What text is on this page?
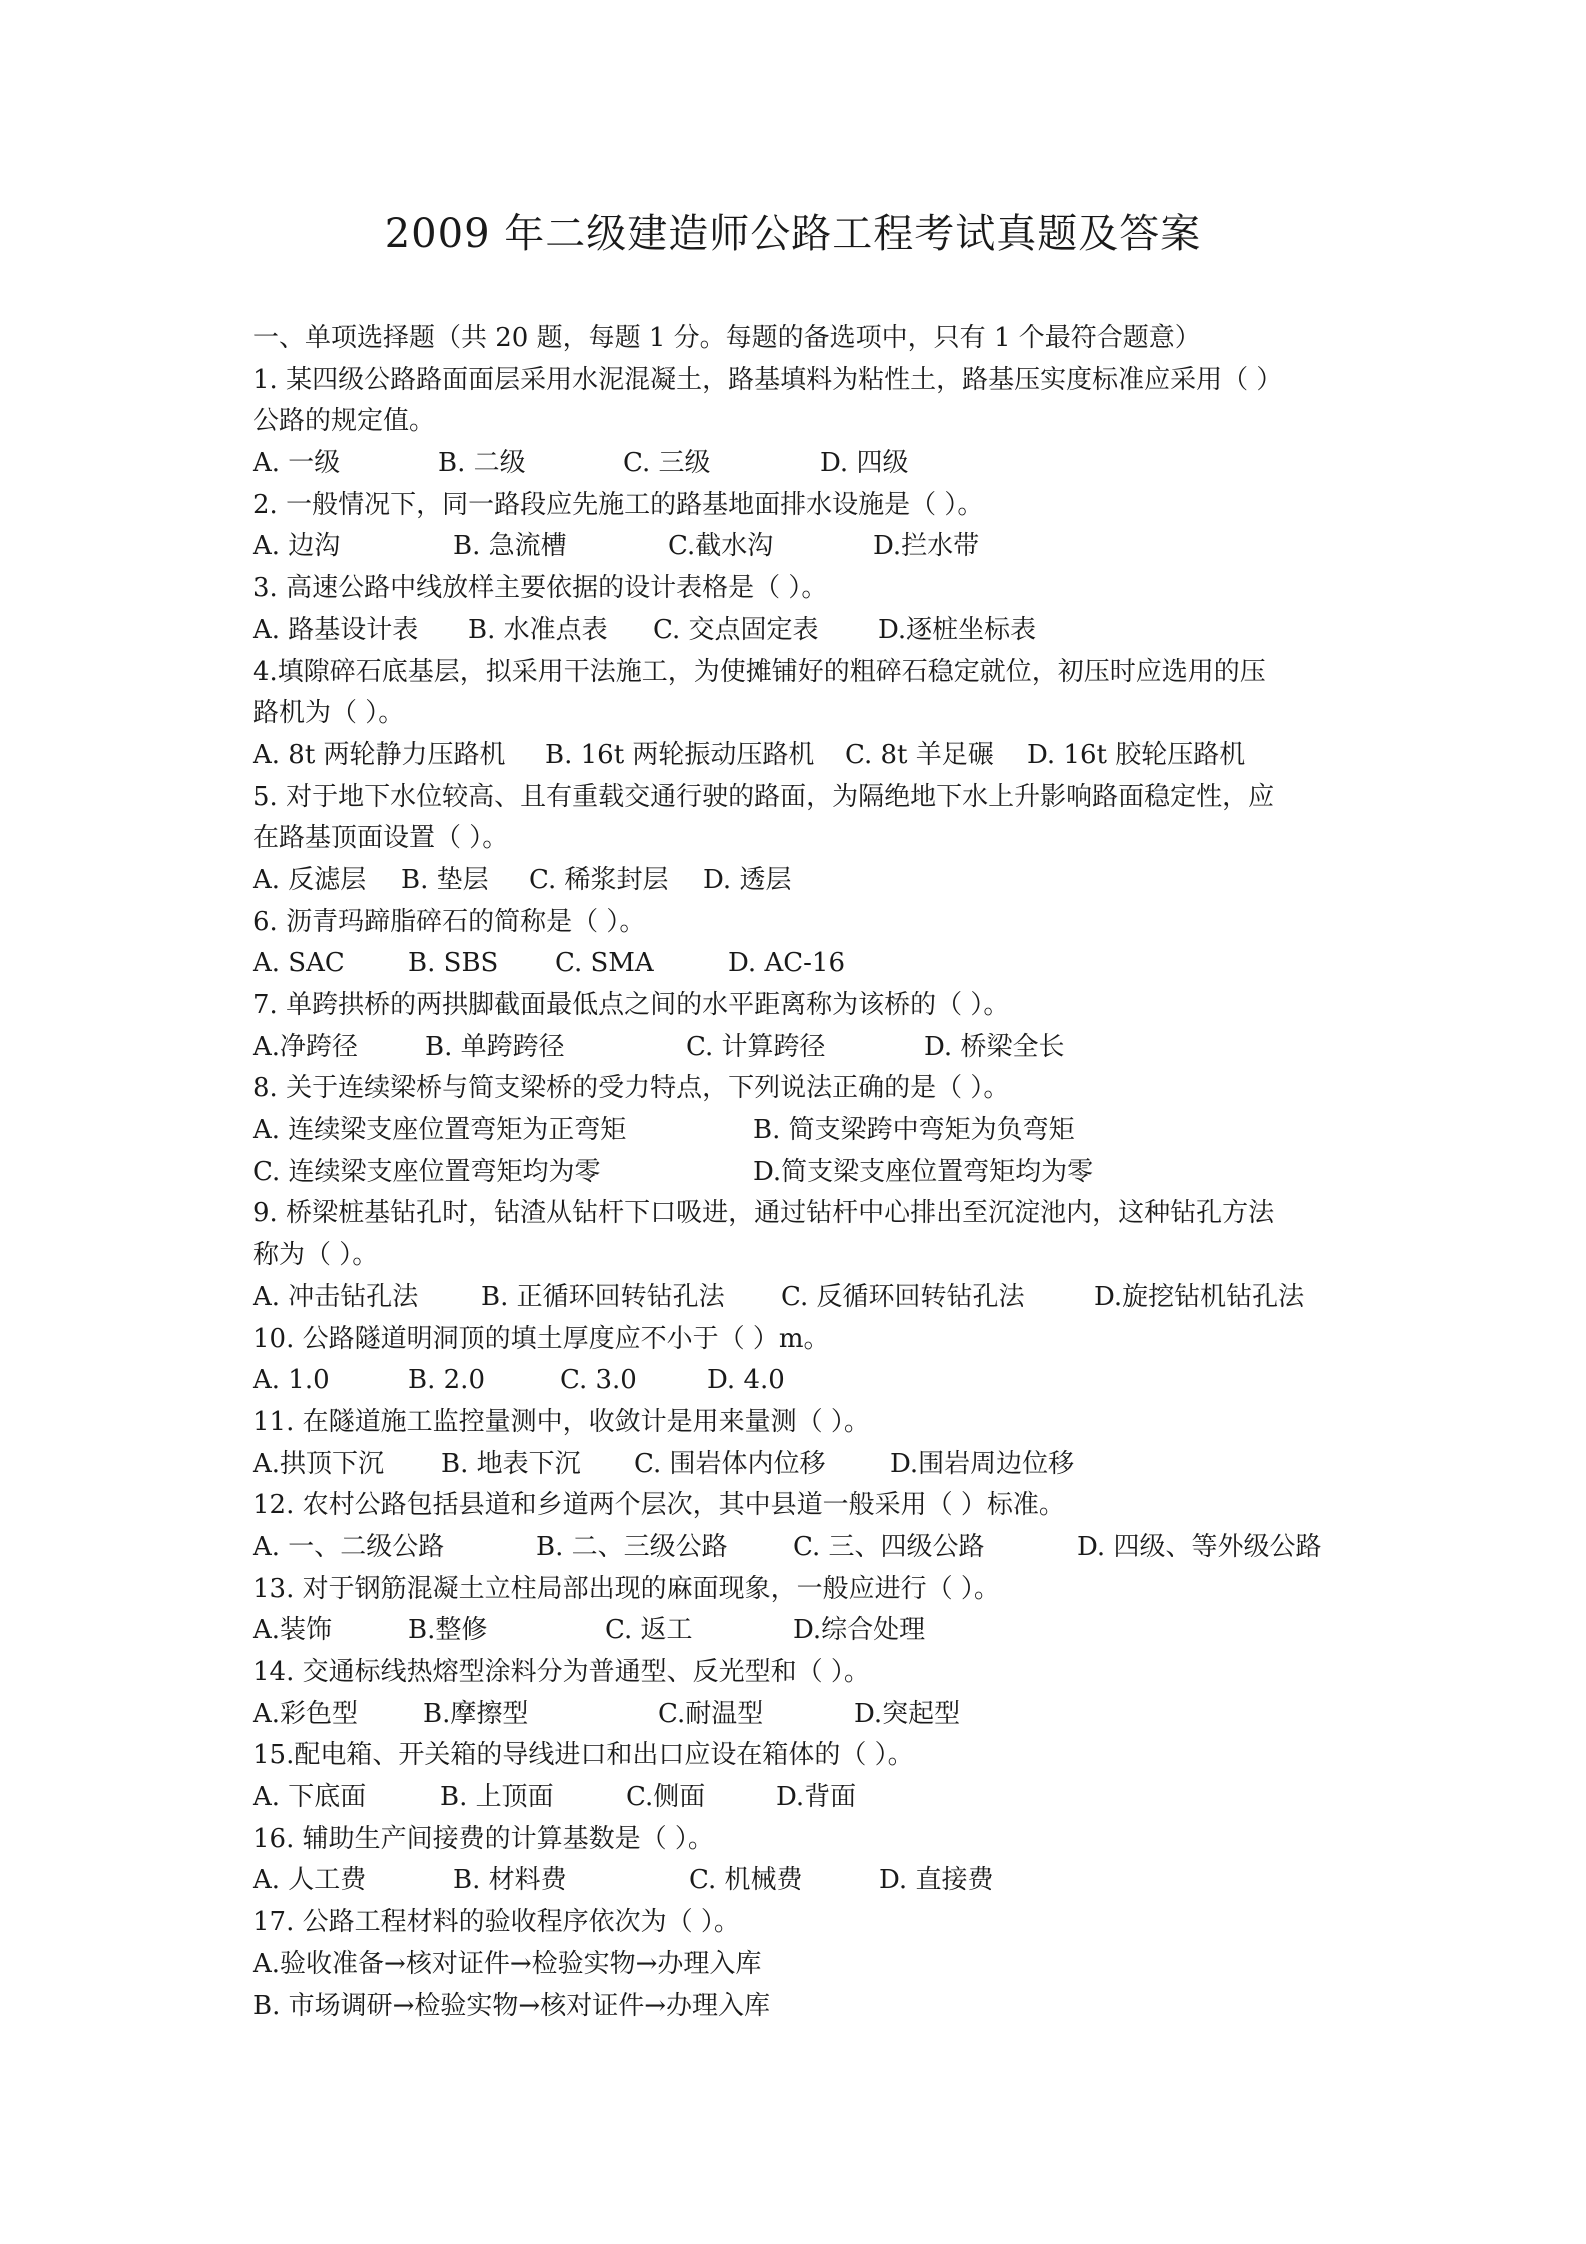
2009 年二级建造师公路工程考试真题及答案
一、单项选择题（共 20 题，每题 1 分。每题的备选项中，只有 1 个最符合题意）
1. 某四级公路路面面层采用水泥混凝土，路基填料为粘性土，路基压实度标准应采用（ ）
公路的规定值。
A. 一级	B. 二级	C. 三级	D. 四级
2. 一般情况下，同一路段应先施工的路基地面排水设施是（ ）。
A. 边沟	B. 急流槽	C.截水沟	D.拦水带
3. 高速公路中线放样主要依据的设计表格是（ ）。
A. 路基设计表	B. 水准点表	C. 交点固定表	D.逐桩坐标表
4.填隙碎石底基层，拟采用干法施工，为使摊铺好的粗碎石稳定就位，初压时应选用的压
路机为（ ）。
A. 8t 两轮静力压路机	B. 16t 两轮振动压路机	C. 8t 羊足碾	D. 16t 胶轮压路机
5. 对于地下水位较高、且有重载交通行驶的路面，为隔绝地下水上升影响路面稳定性，应
在路基顶面设置（ ）。
A. 反滤层	B. 垫层	C. 稀浆封层	D. 透层
6. 沥青玛蹄脂碎石的简称是（ ）。
A. SAC	B. SBS	C. SMA	D. AC-16
7. 单跨拱桥的两拱脚截面最低点之间的水平距离称为该桥的（ ）。
A.净跨径	B. 单跨跨径	C. 计算跨径	D. 桥梁全长
8. 关于连续梁桥与简支梁桥的受力特点，下列说法正确的是（ ）。
A. 连续梁支座位置弯矩为正弯矩	B. 简支梁跨中弯矩为负弯矩
C. 连续梁支座位置弯矩均为零	D.简支梁支座位置弯矩均为零
9. 桥梁桩基钻孔时，钻渣从钻杆下口吸进，通过钻杆中心排出至沉淀池内，这种钻孔方法
称为（ ）。
A. 冲击钻孔法	B. 正循环回转钻孔法	C. 反循环回转钻孔法	D.旋挖钻机钻孔法
10. 公路隧道明洞顶的填土厚度应不小于（ ）m。
A. 1.0	B. 2.0	C. 3.0	D. 4.0
11. 在隧道施工监控量测中，收敛计是用来量测（ ）。
A.拱顶下沉	B. 地表下沉	C. 围岩体内位移	D.围岩周边位移
12. 农村公路包括县道和乡道两个层次，其中县道一般采用（ ）标准。
A. 一、二级公路	B. 二、三级公路	C. 三、四级公路	D. 四级、等外级公路
13. 对于钢筋混凝土立柱局部出现的麻面现象，一般应进行（ ）。
A.装饰	B.整修	C. 返工	D.综合处理
14. 交通标线热熔型涂料分为普通型、反光型和（ ）。
A.彩色型	B.摩擦型	C.耐温型	D.突起型
15.配电箱、开关箱的导线进口和出口应设在箱体的（ ）。
A. 下底面	B. 上顶面	C.侧面	D.背面
16. 辅助生产间接费的计算基数是（ ）。
A. 人工费	B. 材料费	C. 机械费	D. 直接费
17. 公路工程材料的验收程序依次为（ ）。
A.验收准备→核对证件→检验实物→办理入库
B. 市场调研→检验实物→核对证件→办理入库
